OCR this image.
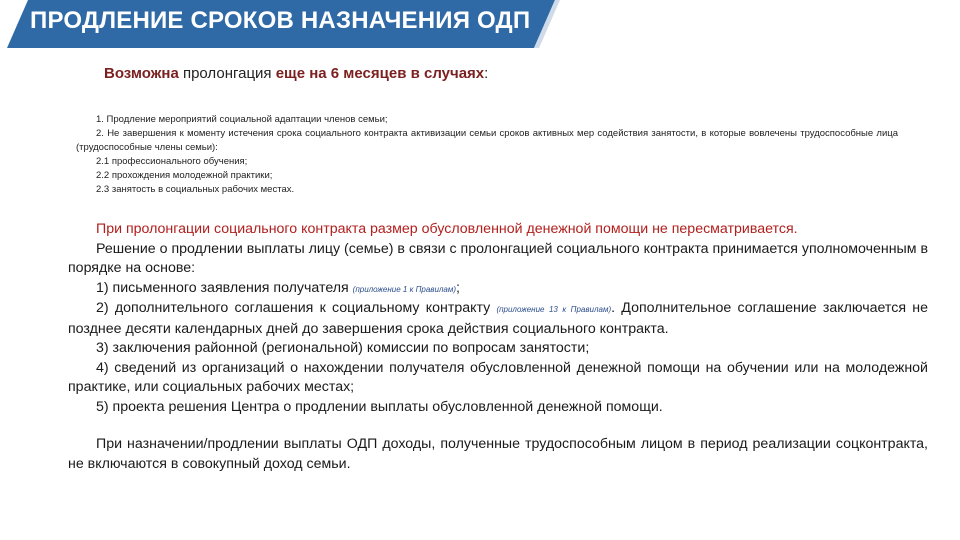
ПРОДЛЕНИЕ СРОКОВ НАЗНАЧЕНИЯ ОДП
Возможна пролонгация еще на 6 месяцев в случаях:
1. Продление мероприятий социальной адаптации членов семьи;
2. Не завершения к моменту истечения срока социального контракта активизации семьи сроков активных мер содействия занятости, в которые вовлечены трудоспособные лица (трудоспособные члены семьи):
2.1 профессионального обучения;
2.2 прохождения молодежной практики;
2.3 занятость в социальных рабочих местах.

При пролонгации социального контракта размер обусловленной денежной помощи не пересматривается.

Решение о продлении выплаты лицу (семье) в связи с пролонгацией социального контракта принимается уполномоченным в порядке на основе:

1) письменного заявления получателя (приложение 1 к Правилам);

2) дополнительного соглашения к социальному контракту (приложение 13 к Правилам). Дополнительное соглашение заключается не позднее десяти календарных дней до завершения срока действия социального контракта.

3) заключения районной (региональной) комиссии по вопросам занятости;

4) сведений из организаций о нахождении получателя обусловленной денежной помощи на обучении или на молодежной практике, или социальных рабочих местах;

5) проекта решения Центра о продлении выплаты обусловленной денежной помощи.

При назначении/продлении выплаты ОДП доходы, полученные трудоспособным лицом в период реализации соцконтракта, не включаются в совокупный доход семьи.
